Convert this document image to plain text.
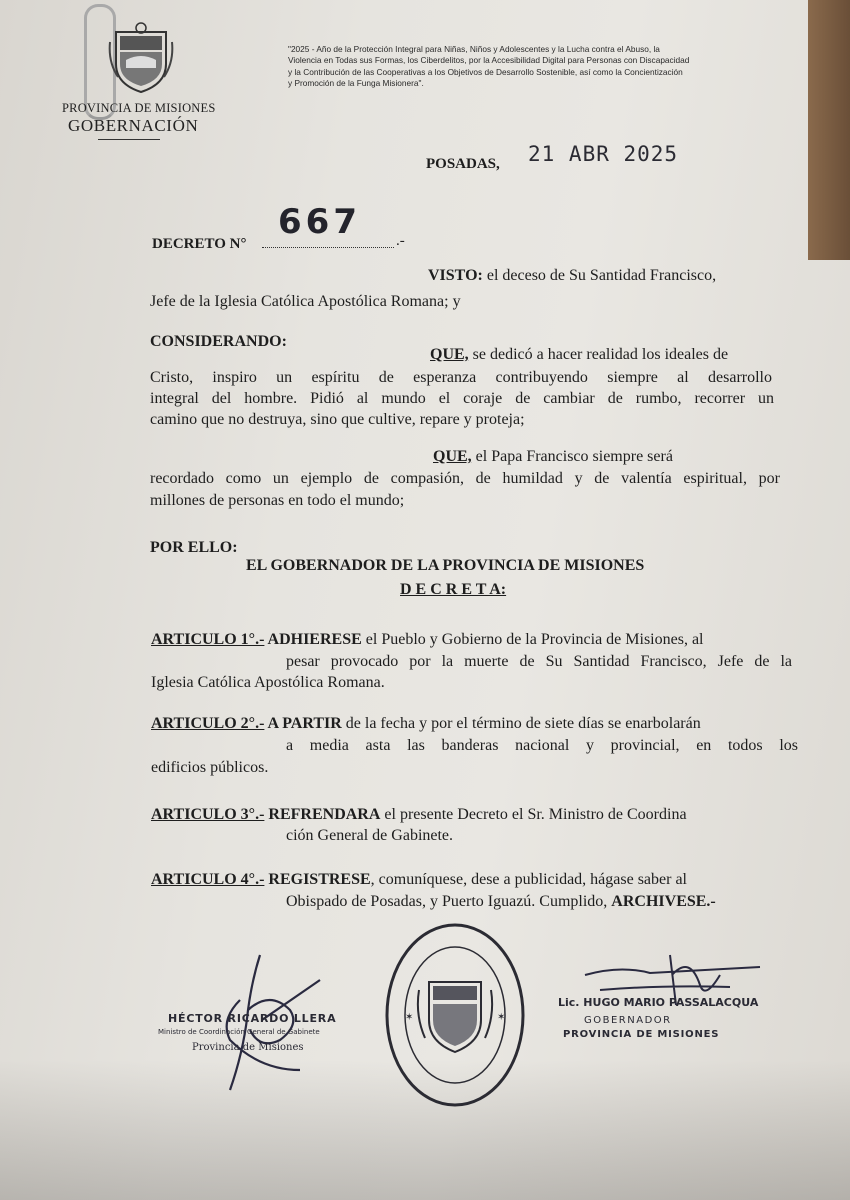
PROVINCIA DE MISIONES
GOBERNACIÓN
"2025 - Año de la Protección Integral para Niñas, Niños y Adolescentes y la Lucha contra el Abuso, la
Violencia en Todas sus Formas, los Ciberdelitos, por la Accesibilidad Digital para Personas con Discapacidad
y la Contribución de las Cooperativas a los Objetivos de Desarrollo Sostenible, así como la Concientización
y Promoción de la Funga Misionera".
POSADAS, 21 ABR 2025
DECRETO N°
667 .-
VISTO: el deceso de Su Santidad Francisco,
Jefe de la Iglesia Católica Apostólica Romana; y
CONSIDERANDO:
QUE, se dedicó a hacer realidad los ideales de
Cristo, inspiro un espíritu de esperanza contribuyendo siempre al desarrollo
integral del hombre. Pidió al mundo el coraje de cambiar de rumbo, recorrer un
camino que no destruya, sino que cultive, repare y proteja;
QUE, el Papa Francisco siempre será
recordado como un ejemplo de compasión, de humildad y de valentía espiritual, por
millones de personas en todo el mundo;
POR ELLO:
EL GOBERNADOR DE LA PROVINCIA DE MISIONES
D E C R E T A:
ARTICULO 1°.- ADHIERESE el Pueblo y Gobierno de la Provincia de Misiones, al
pesar provocado por la muerte de Su Santidad Francisco, Jefe de la
Iglesia Católica Apostólica Romana.
ARTICULO 2°.- A PARTIR de la fecha y por el término de siete días se enarbolarán
a media asta las banderas nacional y provincial, en todos los
edificios públicos.
ARTICULO 3°.- REFRENDARA el presente Decreto el Sr. Ministro de Coordina
ción General de Gabinete.
ARTICULO 4°.- REGISTRESE, comuníquese, dese a publicidad, hágase saber al
Obispado de Posadas, y Puerto Iguazú. Cumplido, ARCHIVESE.-
HÉCTOR RICARDO LLERA
Ministro de Coordinación General de Gabinete
Provincia de Misiones
✶	✶
Lic. HUGO MARIO PASSALACQUA
GOBERNADOR
PROVINCIA DE MISIONES
